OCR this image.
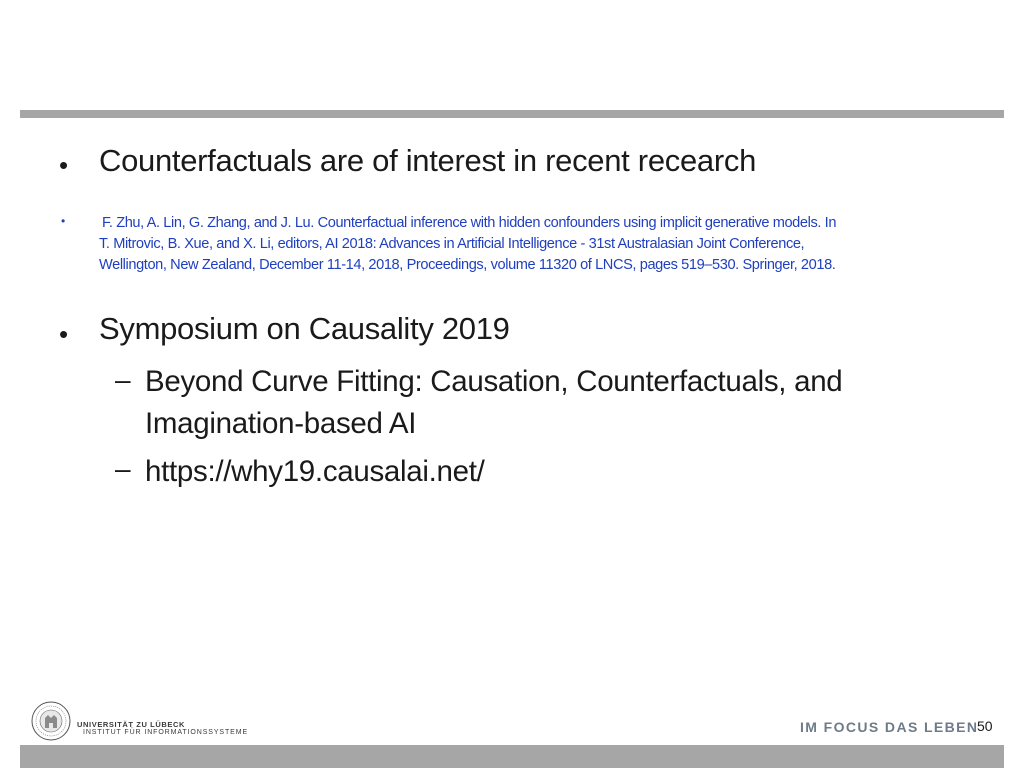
• Counterfactuals are of interest in recent recearch
•	F. Zhu, A. Lin, G. Zhang, and J. Lu. Counterfactual inference with hidden confounders using implicit generative models. In
T. Mitrovic, B. Xue, and X. Li, editors, AI 2018: Advances in Artificial Intelligence - 31st Australasian Joint Conference,
Wellington, New Zealand, December 11-14, 2018, Proceedings, volume 11320 of LNCS, pages 519–530. Springer, 2018.
• Symposium on Causality 2019
– Beyond Curve Fitting: Causation, Counterfactuals, and Imagination-based AI
– https://why19.causalai.net/
UNIVERSITÄT ZU LÜBECK
INSTITUT FÜR INFORMATIONSSYSTEME	IM FOCUS DAS LEBEN
50
